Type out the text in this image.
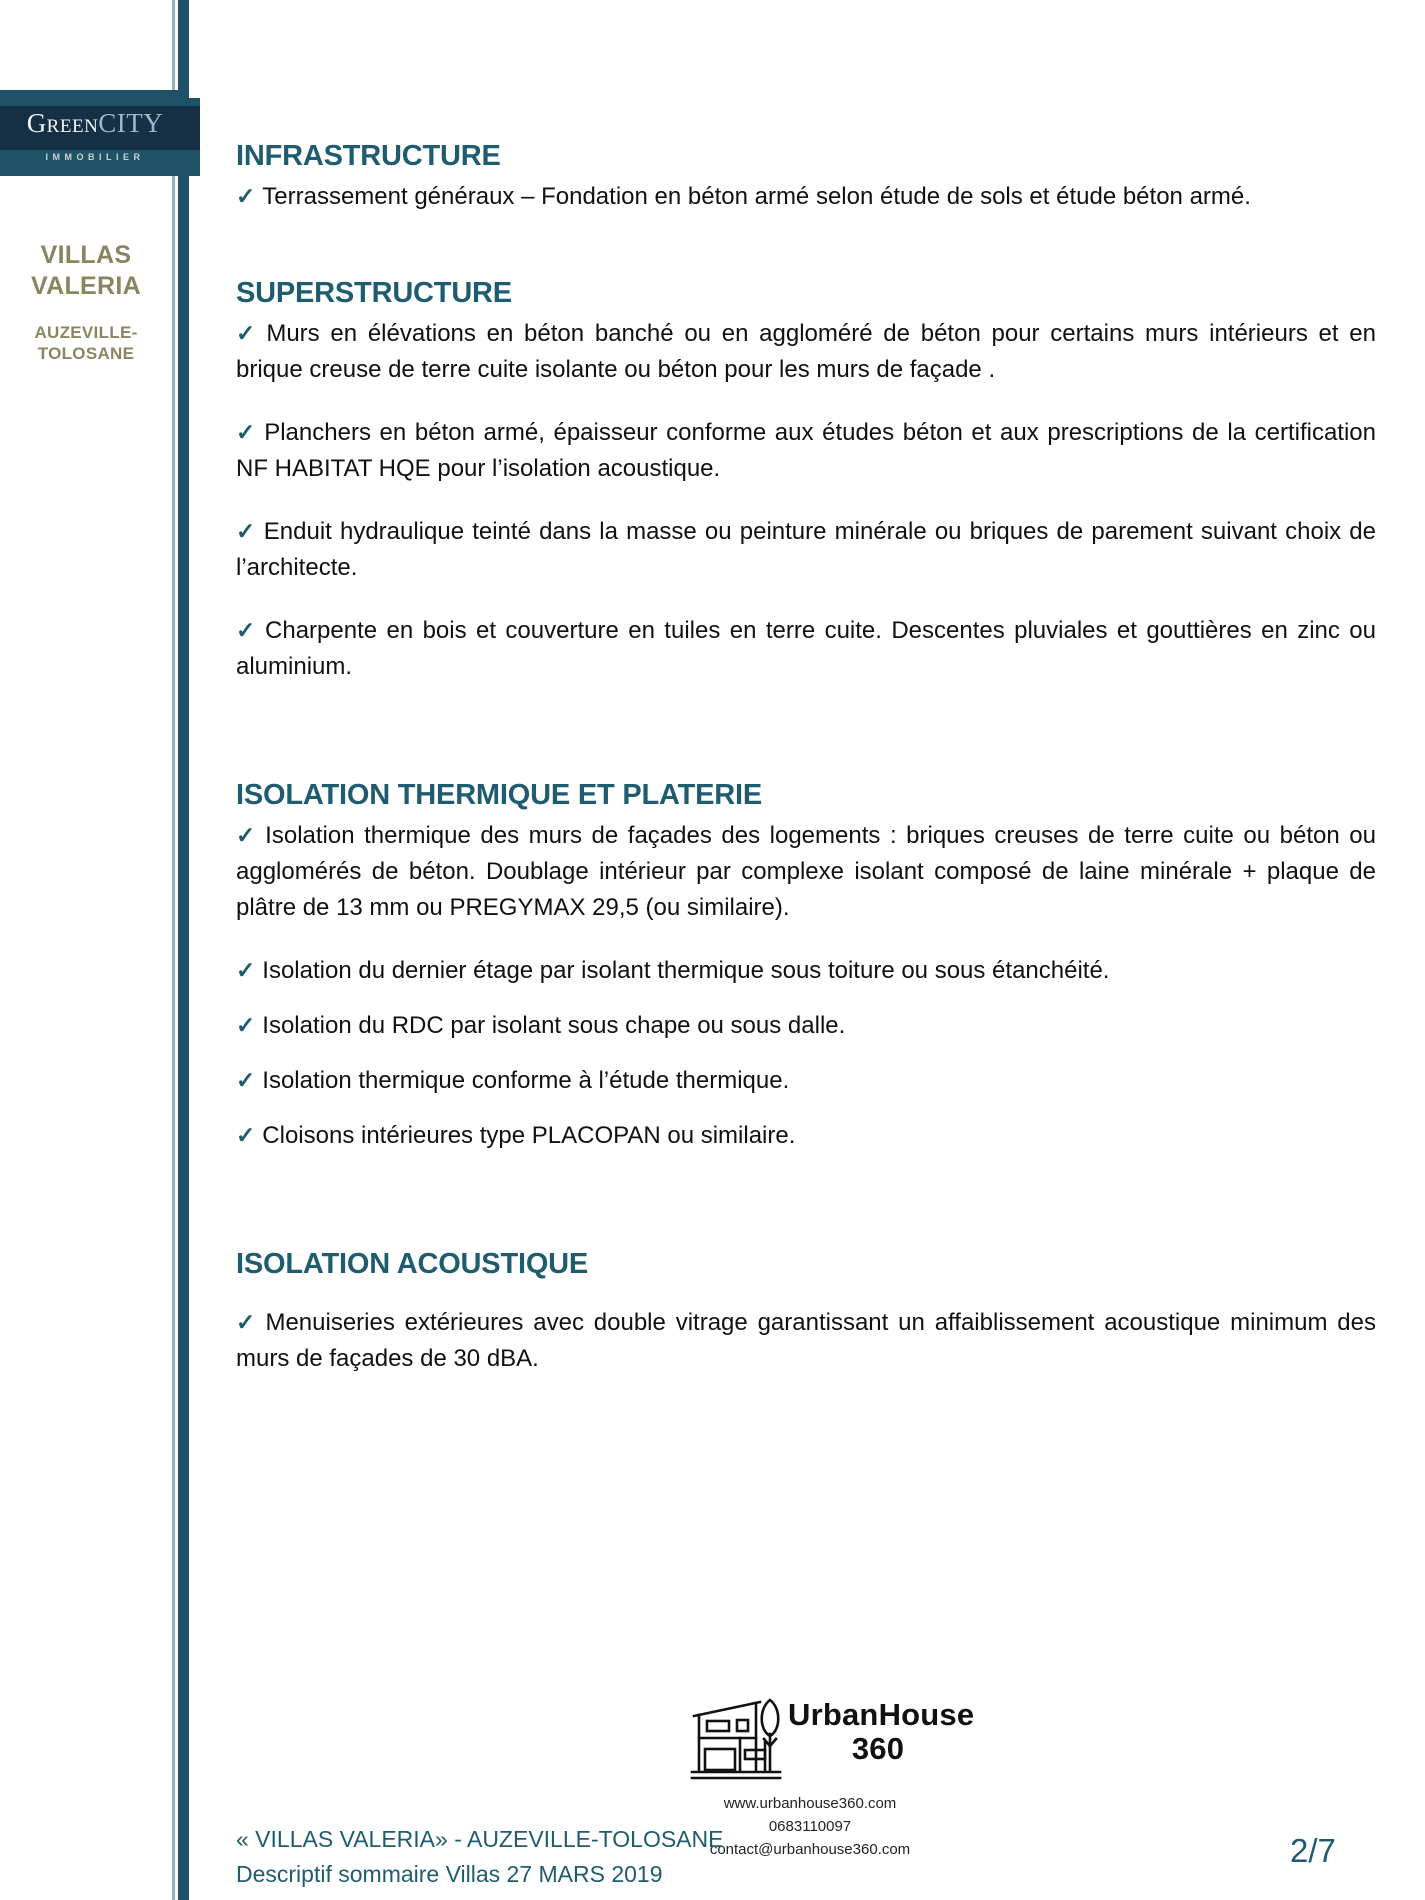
GreenCITY
IMMOBILIER
VILLAS
VALERIA
AUZEVILLE-
TOLOSANE
INFRASTRUCTURE

✓ Terrassement généraux – Fondation en béton armé selon étude de sols et étude béton armé.

SUPERSTRUCTURE

✓ Murs en élévations en béton banché ou en aggloméré de béton pour certains murs intérieurs et en brique creuse de terre cuite isolante ou béton pour les murs de façade .

✓ Planchers en béton armé, épaisseur conforme aux études béton et aux prescriptions de la certification NF HABITAT HQE pour l’isolation acoustique.

✓ Enduit hydraulique teinté dans la masse ou peinture minérale ou briques de parement suivant choix de l’architecte.

✓ Charpente en bois et couverture en tuiles en terre cuite. Descentes pluviales et gouttières en zinc ou aluminium.

ISOLATION THERMIQUE ET PLATERIE

✓ Isolation thermique des murs de façades des logements : briques creuses de terre cuite ou béton ou agglomérés de béton. Doublage intérieur par complexe isolant composé de laine minérale + plaque de plâtre de 13 mm ou PREGYMAX 29,5 (ou similaire).

✓ Isolation du dernier étage par isolant thermique sous toiture ou sous étanchéité.

✓ Isolation du RDC par isolant sous chape ou sous dalle.

✓ Isolation thermique conforme à l’étude thermique.

✓ Cloisons intérieures type PLACOPAN ou similaire.

ISOLATION ACOUSTIQUE

✓ Menuiseries extérieures avec double vitrage garantissant un affaiblissement acoustique minimum des murs de façades de 30 dBA.

UrbanHouse
360
www.urbanhouse360.com
0683110097
contact@urbanhouse360.com
« VILLAS VALERIA» - AUZEVILLE-TOLOSANE
Descriptif sommaire Villas 27 MARS 2019
2/7
